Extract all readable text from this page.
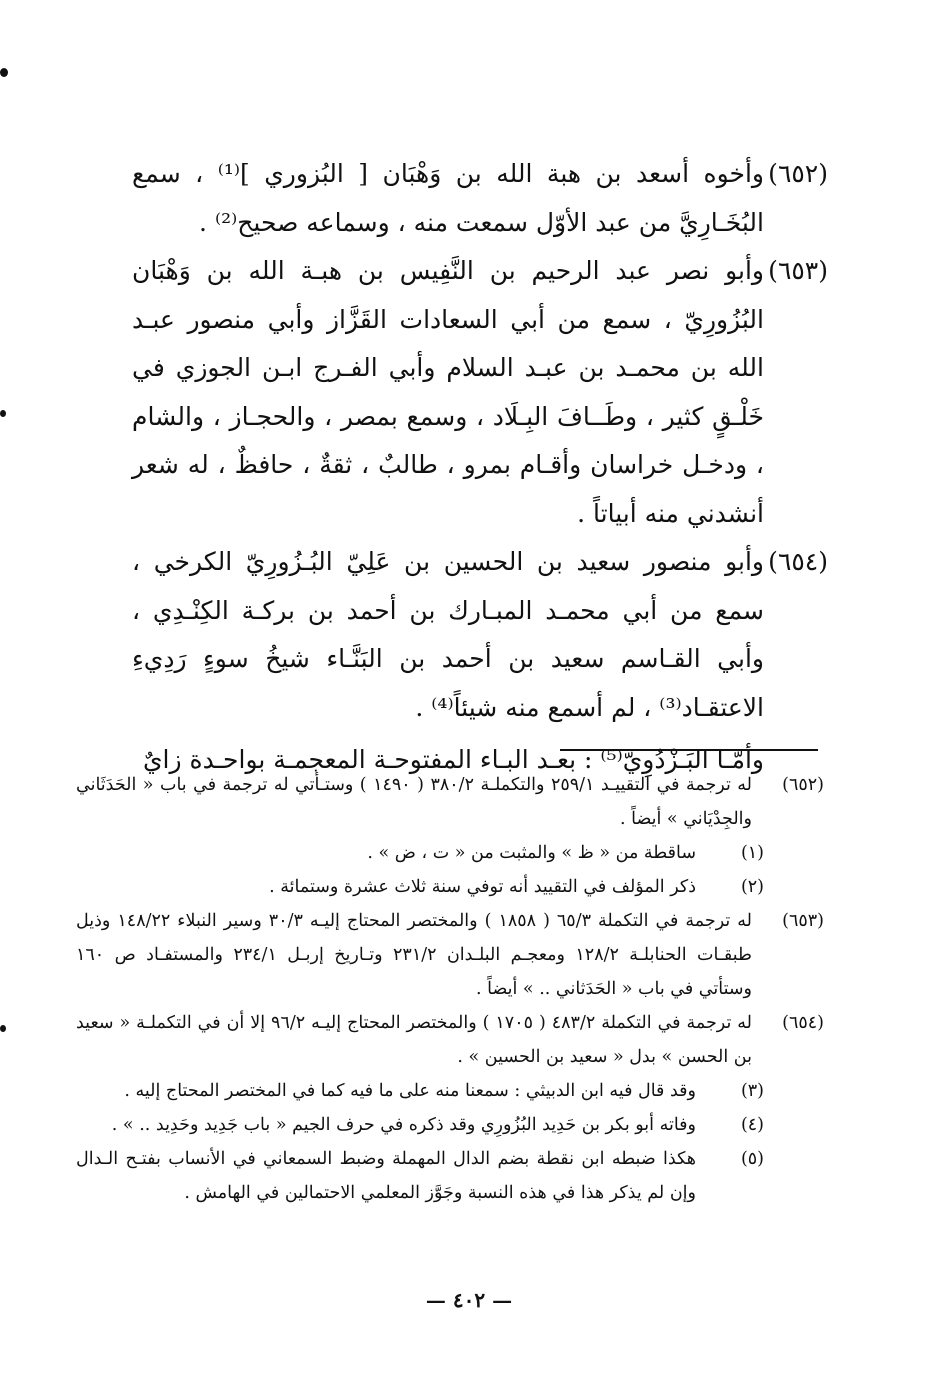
(٦٥٢)

وأخوه أسعد بن هبة الله بن وَهْبَان [ البُزوري ]⁽¹⁾ ، سمع البُخَـارِيَّ من عبد الأوّل سمعت منه ، وسماعه صحيح⁽²⁾ .

(٦٥٣)

وأبو نصر عبد الرحيم بن النَّفِيس بن هبـة الله بن وَهْبَان البُزُورِيّ ، سمع من أبي السعادات القَزَّاز وأبي منصور عبـد الله بن محمـد بن عبـد السلام وأبي الفـرج ابـن الجوزي في خَلْـقٍ كثير ، وطَــافَ البِـلَاد ، وسمع بمصر ، والحجـاز ، والشام ، ودخـل خراسان وأقـام بمرو ، طالبٌ ، ثقةٌ ، حافظٌ ، له شعر أنشدني منه أبياتاً .

(٦٥٤)

وأبو منصور سعيد بن الحسين بن عَلِيّ البُـزُورِيّ الكرخي ، سمع من أبي محمـد المبـارك بن أحمد بن بركـة الكِنْـدِي ، وأبي القـاسم سعيد بن أحمد بن البَنَّـاء شيخُ سوءٍ رَدِيءِ الاعتقـاد⁽³⁾ ، لم أسمع منه شيئاً⁽⁴⁾ .

وأمّـا البَـزْدُوِيّ⁽⁵⁾ : بعـد البـاء المفتوحـة المعجمـة بواحـدة زايٌ

(٦٥٢)
له ترجمة في التقييـد ٢٥٩/١ والتكملـة ٣٨٠/٢ ( ١٤٩٠ ) وستـأتي له ترجمة في باب « الحَدَثَاني والجِدْيَاني » أيضاً .
(١)
ساقطة من « ظ » والمثبت من « ت ، ض » .
(٢)
ذكر المؤلف في التقييد أنه توفي سنة ثلاث عشرة وستمائة .
(٦٥٣)
له ترجمة في التكملة ٦٥/٣ ( ١٨٥٨ ) والمختصر المحتاج إليـه ٣٠/٣ وسير النبلاء ١٤٨/٢٢ وذيل طبقـات الحنابلـة ١٢٨/٢ ومعجـم البلـدان ٢٣١/٢ وتـاريخ إربـل ٢٣٤/١ والمستفـاد ص ١٦٠ وستأتي في باب « الحَدَثاني .. » أيضاً .
(٦٥٤)
له ترجمة في التكملة ٤٨٣/٢ ( ١٧٠٥ ) والمختصر المحتاج إليـه ٩٦/٢ إلا أن في التكملـة « سعيد بن الحسن » بدل « سعيد بن الحسين » .
(٣)
وقد قال فيه ابن الدبيثي : سمعنا منه على ما فيه كما في المختصر المحتاج إليه .
(٤)
وفاته أبو بكر بن حَدِيد البُزُورِي وقد ذكره في حرف الجيم « باب جَدِيد وحَدِيد .. » .
(٥)
هكذا ضبطه ابن نقطة بضم الدال المهملة وضبط السمعاني في الأنساب بفتـح الـدال وإن لم يذكر هذا في هذه النسبة وجَوَّز المعلمي الاحتمالين في الهامش .
— ٤٠٢ —
